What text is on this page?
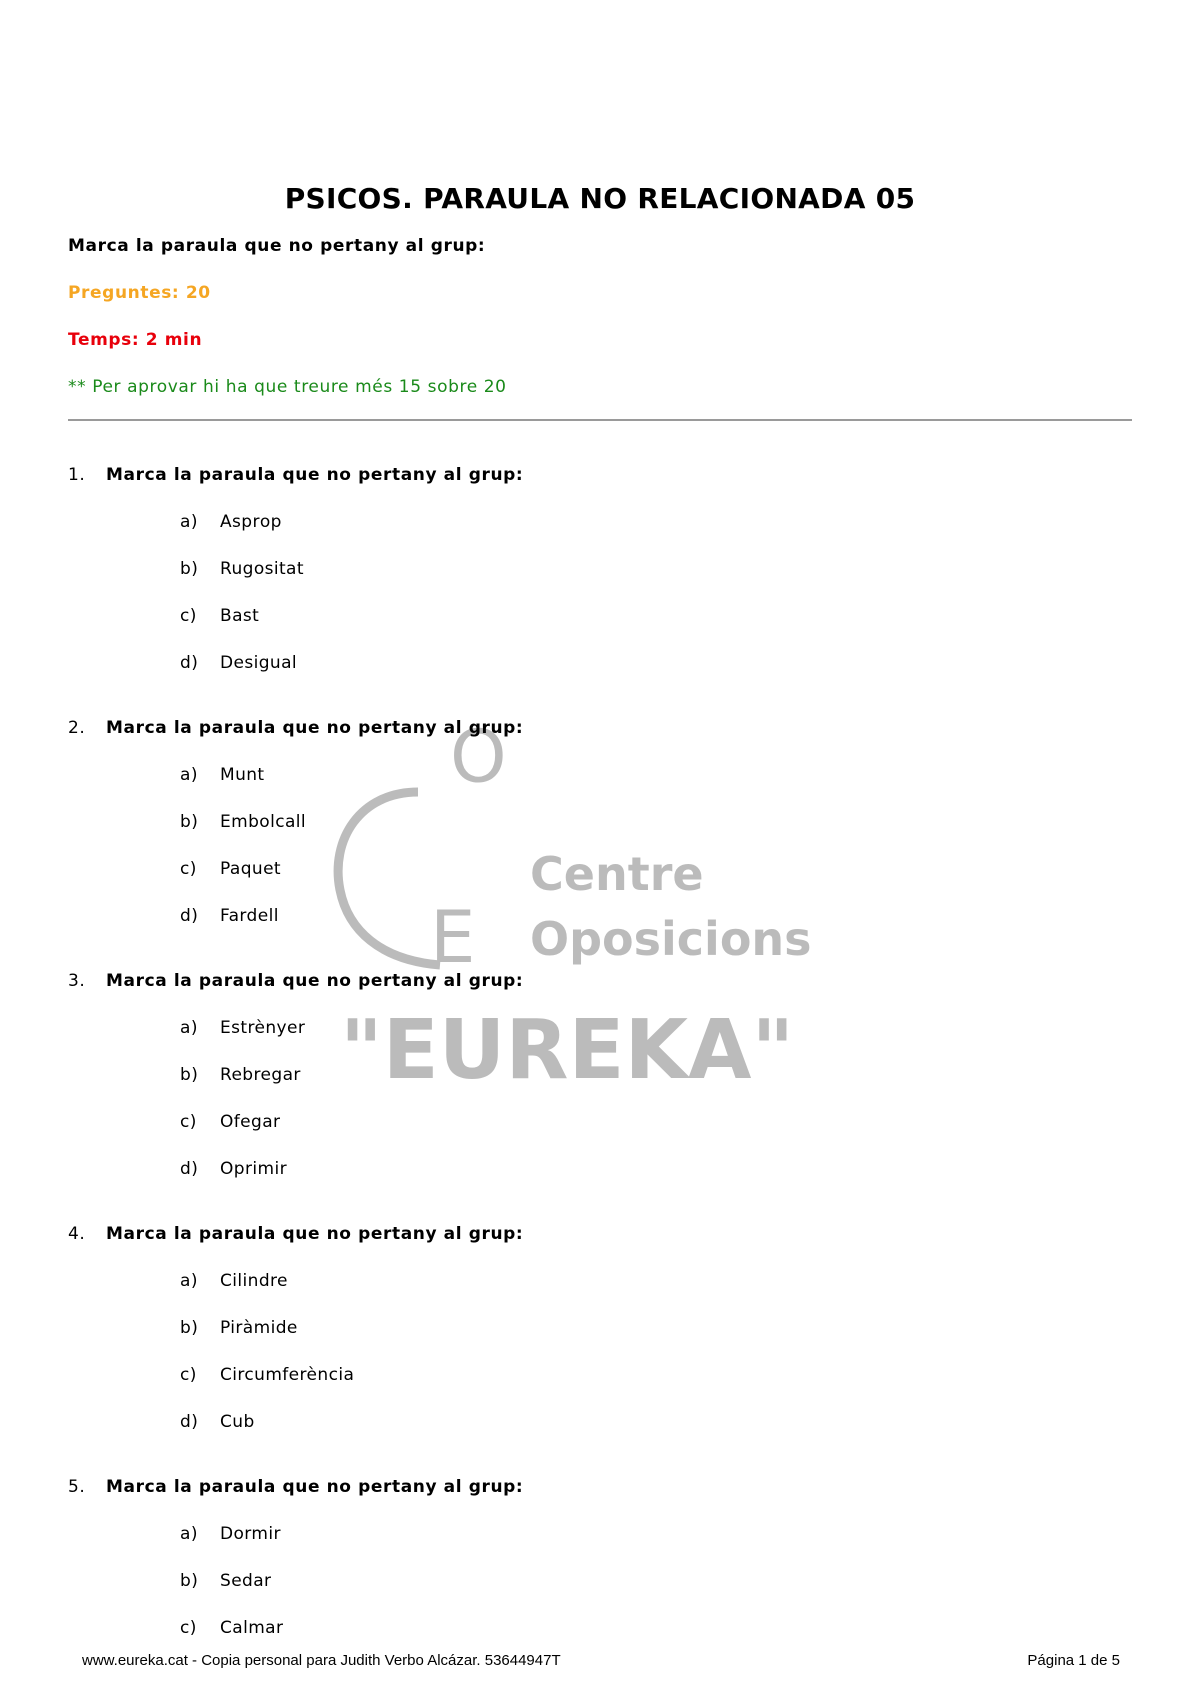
PSICOS. PARAULA NO RELACIONADA 05
Marca la paraula que no pertany al grup:
Preguntes: 20
Temps: 2 min
** Per aprovar hi ha que treure més 15 sobre 20
O
E
Centre
Oposicions
"EUREKA"
1. Marca la paraula que no pertany al grup:
a) Asprор
b) Rugositat
c) Bast
d) Desigual
2. Marca la paraula que no pertany al grup:
a) Munt
b) Embolcall
c) Paquet
d) Fardell
3. Marca la paraula que no pertany al grup:
a) Estrènyer
b) Rebregar
c) Ofegar
d) Oprimir
4. Marca la paraula que no pertany al grup:
a) Cilindre
b) Piràmide
c) Circumferència
d) Cub
5. Marca la paraula que no pertany al grup:
a) Dormir
b) Sedar
c) Calmar
www.eureka.cat - Copia personal para Judith Verbo Alcázar. 53644947T	Página 1 de 5
